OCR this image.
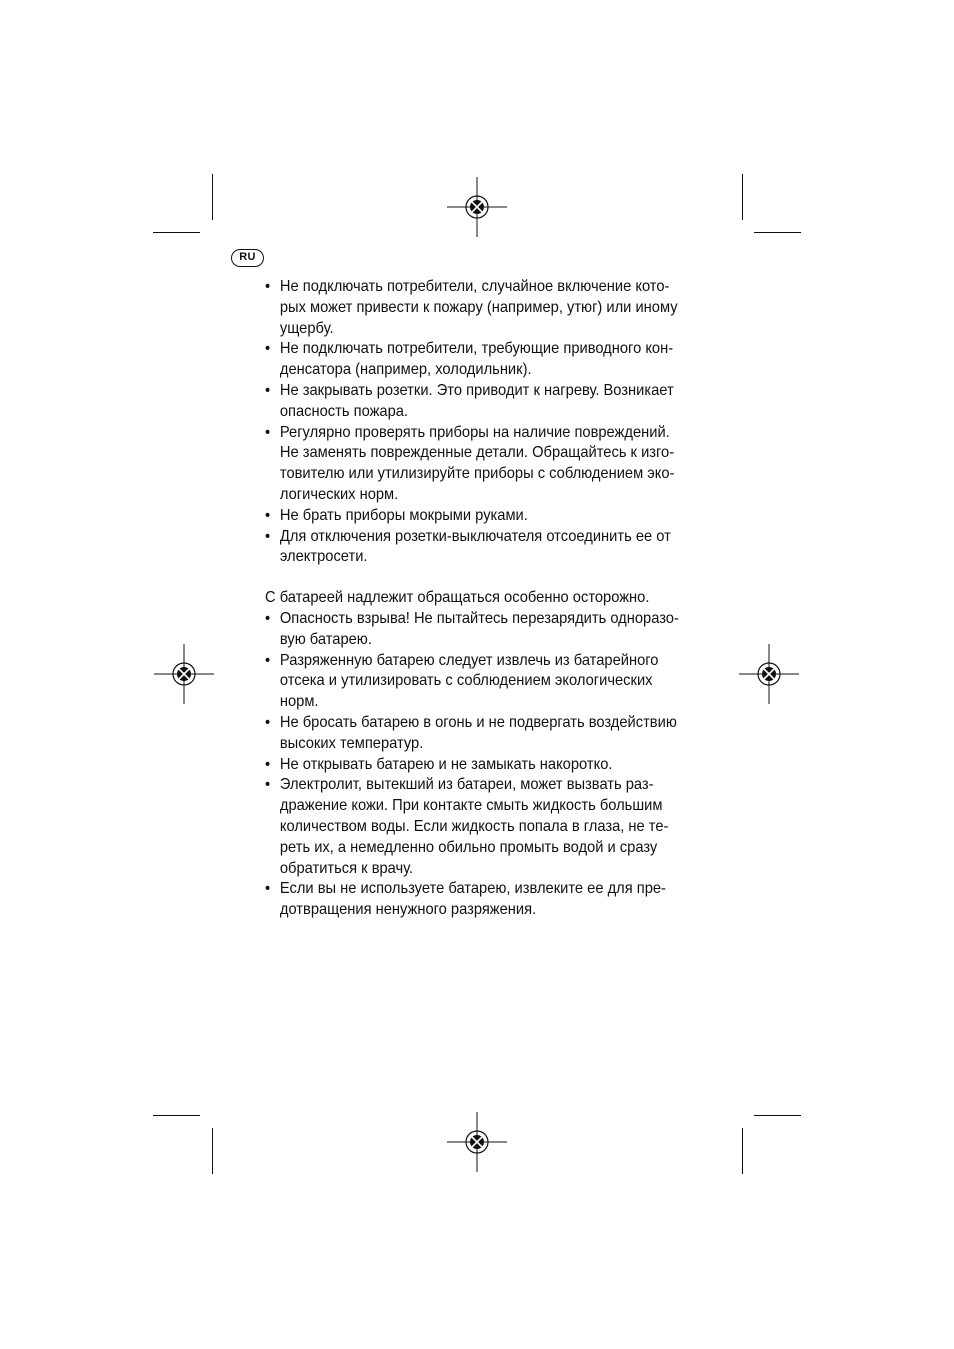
RU
• Не подключать потребители, случайное включение кото-
рых может привести к пожару (например, утюг) или иному
ущербу.
• Не подключать потребители, требующие приводного кон-
денсатора (например, холодильник).
• Не закрывать розетки. Это приводит к нагреву. Возникает
опасность пожара.
• Регулярно проверять приборы на наличие повреждений.
Не заменять поврежденные детали. Обращайтесь к изго-
товителю или утилизируйте приборы с соблюдением эко-
логических норм.
• Не брать приборы мокрыми руками.
• Для отключения розетки-выключателя отсоединить ее от
электросети.

С батареей надлежит обращаться особенно осторожно.

• Опасность взрыва! Не пытайтесь перезарядить одноразо-
вую батарею.
• Разряженную батарею следует извлечь из батарейного
отсека и утилизировать с соблюдением экологических
норм.
• Не бросать батарею в огонь и не подвергать воздействию
высоких температур.
• Не открывать батарею и не замыкать накоротко.
• Электролит, вытекший из батареи, может вызвать раз-
дражение кожи. При контакте смыть жидкость большим
количеством воды. Если жидкость попала в глаза, не те-
реть их, а немедленно обильно промыть водой и сразу
обратиться к врачу.
• Если вы не используете батарею, извлеките ее для пре-
дотвращения ненужного разряжения.
